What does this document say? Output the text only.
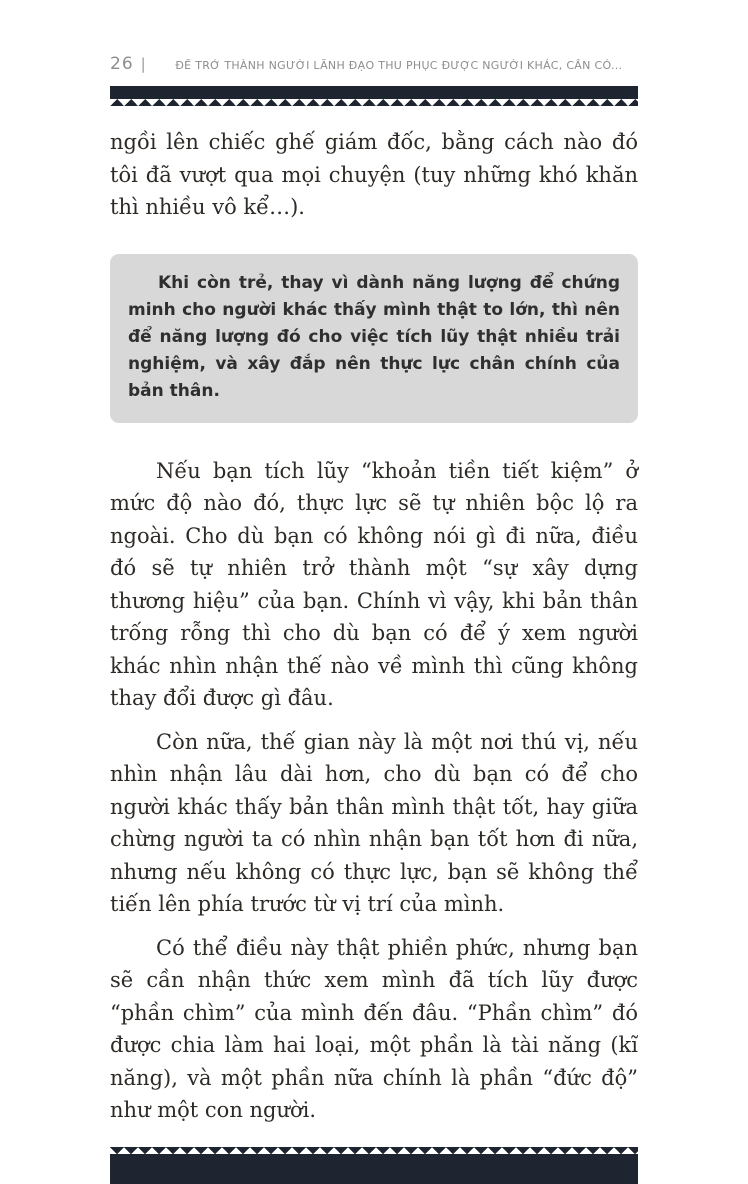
26 |	ĐỂ TRỞ THÀNH NGƯỜI LÃNH ĐẠO THU PHỤC ĐƯỢC NGƯỜI KHÁC, CẦN CÓ...

ngồi lên chiếc ghế giám đốc, bằng cách nào đó tôi đã vượt qua mọi chuyện (tuy những khó khăn thì nhiều vô kể…).

Khi còn trẻ, thay vì dành năng lượng để chứng minh cho người khác thấy mình thật to lớn, thì nên để năng lượng đó cho việc tích lũy thật nhiều trải nghiệm, và xây đắp nên thực lực chân chính của bản thân.

Nếu bạn tích lũy “khoản tiền tiết kiệm” ở mức độ nào đó, thực lực sẽ tự nhiên bộc lộ ra ngoài. Cho dù bạn có không nói gì đi nữa, điều đó sẽ tự nhiên trở thành một “sự xây dựng thương hiệu” của bạn. Chính vì vậy, khi bản thân trống rỗng thì cho dù bạn có để ý xem người khác nhìn nhận thế nào về mình thì cũng không thay đổi được gì đâu.

Còn nữa, thế gian này là một nơi thú vị, nếu nhìn nhận lâu dài hơn, cho dù bạn có để cho người khác thấy bản thân mình thật tốt, hay giữa chừng người ta có nhìn nhận bạn tốt hơn đi nữa, nhưng nếu không có thực lực, bạn sẽ không thể tiến lên phía trước từ vị trí của mình.

Có thể điều này thật phiền phức, nhưng bạn sẽ cần nhận thức xem mình đã tích lũy được “phần chìm” của mình đến đâu. “Phần chìm” đó được chia làm hai loại, một phần là tài năng (kĩ năng), và một phần nữa chính là phần “đức độ” như một con người.
